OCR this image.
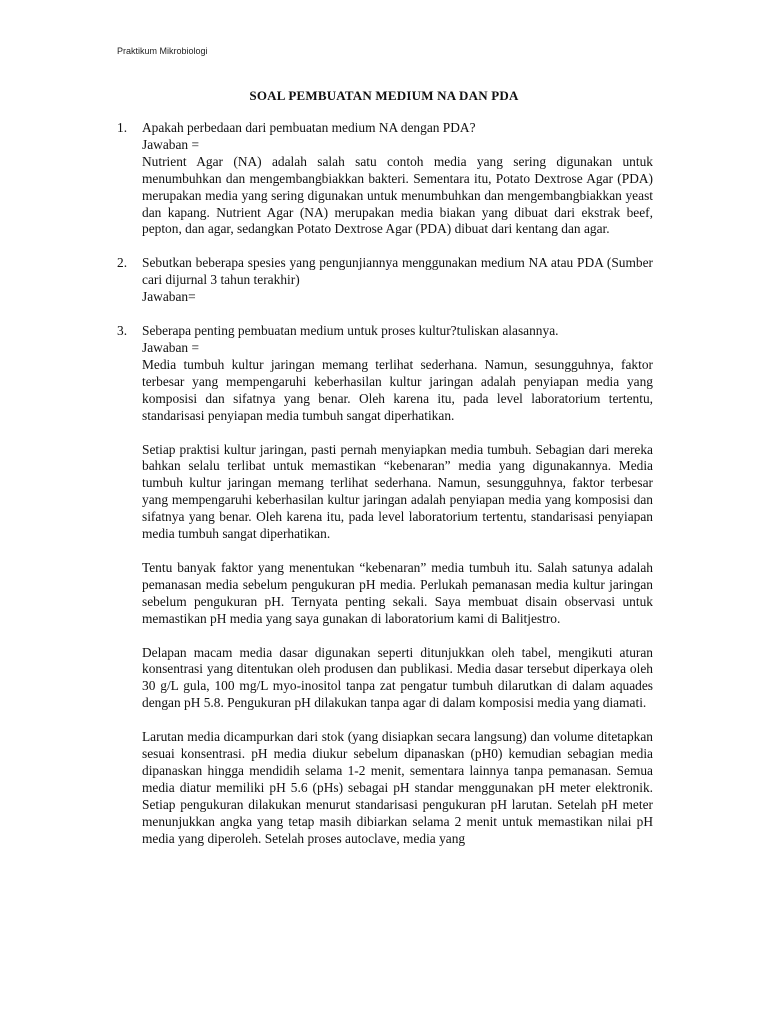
Praktikum Mikrobiologi
SOAL PEMBUATAN MEDIUM NA DAN PDA
1.	Apakah perbedaan dari pembuatan medium NA dengan PDA?
Jawaban =
Nutrient Agar (NA) adalah salah satu contoh media yang sering digunakan untuk menumbuhkan dan mengembangbiakkan bakteri. Sementara itu, Potato Dextrose Agar (PDA) merupakan media yang sering digunakan untuk menumbuhkan dan mengembangbiakkan yeast dan kapang. Nutrient Agar (NA) merupakan media biakan yang dibuat dari ekstrak beef, pepton, dan agar, sedangkan Potato Dextrose Agar (PDA) dibuat dari kentang dan agar.
2.	Sebutkan beberapa spesies yang pengunjiannya menggunakan medium NA atau PDA (Sumber cari dijurnal 3 tahun terakhir)
Jawaban=
3.	Seberapa penting pembuatan medium untuk proses kultur?tuliskan alasannya.
Jawaban =
Media tumbuh kultur jaringan memang terlihat sederhana. Namun, sesungguhnya, faktor terbesar yang mempengaruhi keberhasilan kultur jaringan adalah penyiapan media yang komposisi dan sifatnya yang benar. Oleh karena itu, pada level laboratorium tertentu, standarisasi penyiapan media tumbuh sangat diperhatikan.
Setiap praktisi kultur jaringan, pasti pernah menyiapkan media tumbuh. Sebagian dari mereka bahkan selalu terlibat untuk memastikan “kebenaran” media yang digunakannya. Media tumbuh kultur jaringan memang terlihat sederhana. Namun, sesungguhnya, faktor terbesar yang mempengaruhi keberhasilan kultur jaringan adalah penyiapan media yang komposisi dan sifatnya yang benar. Oleh karena itu, pada level laboratorium tertentu, standarisasi penyiapan media tumbuh sangat diperhatikan.
Tentu banyak faktor yang menentukan “kebenaran” media tumbuh itu. Salah satunya adalah pemanasan media sebelum pengukuran pH media. Perlukah pemanasan media kultur jaringan sebelum pengukuran pH. Ternyata penting sekali. Saya membuat disain observasi untuk memastikan pH media yang saya gunakan di laboratorium kami di Balitjestro.
Delapan macam media dasar digunakan seperti ditunjukkan oleh tabel, mengikuti aturan konsentrasi yang ditentukan oleh produsen dan publikasi. Media dasar tersebut diperkaya oleh 30 g/L gula, 100 mg/L myo-inositol tanpa zat pengatur tumbuh dilarutkan di dalam aquades dengan pH 5.8. Pengukuran pH dilakukan tanpa agar di dalam komposisi media yang diamati.
Larutan media dicampurkan dari stok (yang disiapkan secara langsung) dan volume ditetapkan sesuai konsentrasi. pH media diukur sebelum dipanaskan (pH0) kemudian sebagian media dipanaskan hingga mendidih selama 1-2 menit, sementara lainnya tanpa pemanasan. Semua media diatur memiliki pH 5.6 (pHs) sebagai pH standar menggunakan pH meter elektronik. Setiap pengukuran dilakukan menurut standarisasi pengukuran pH larutan. Setelah pH meter menunjukkan angka yang tetap masih dibiarkan selama 2 menit untuk memastikan nilai pH media yang diperoleh. Setelah proses autoclave, media yang
